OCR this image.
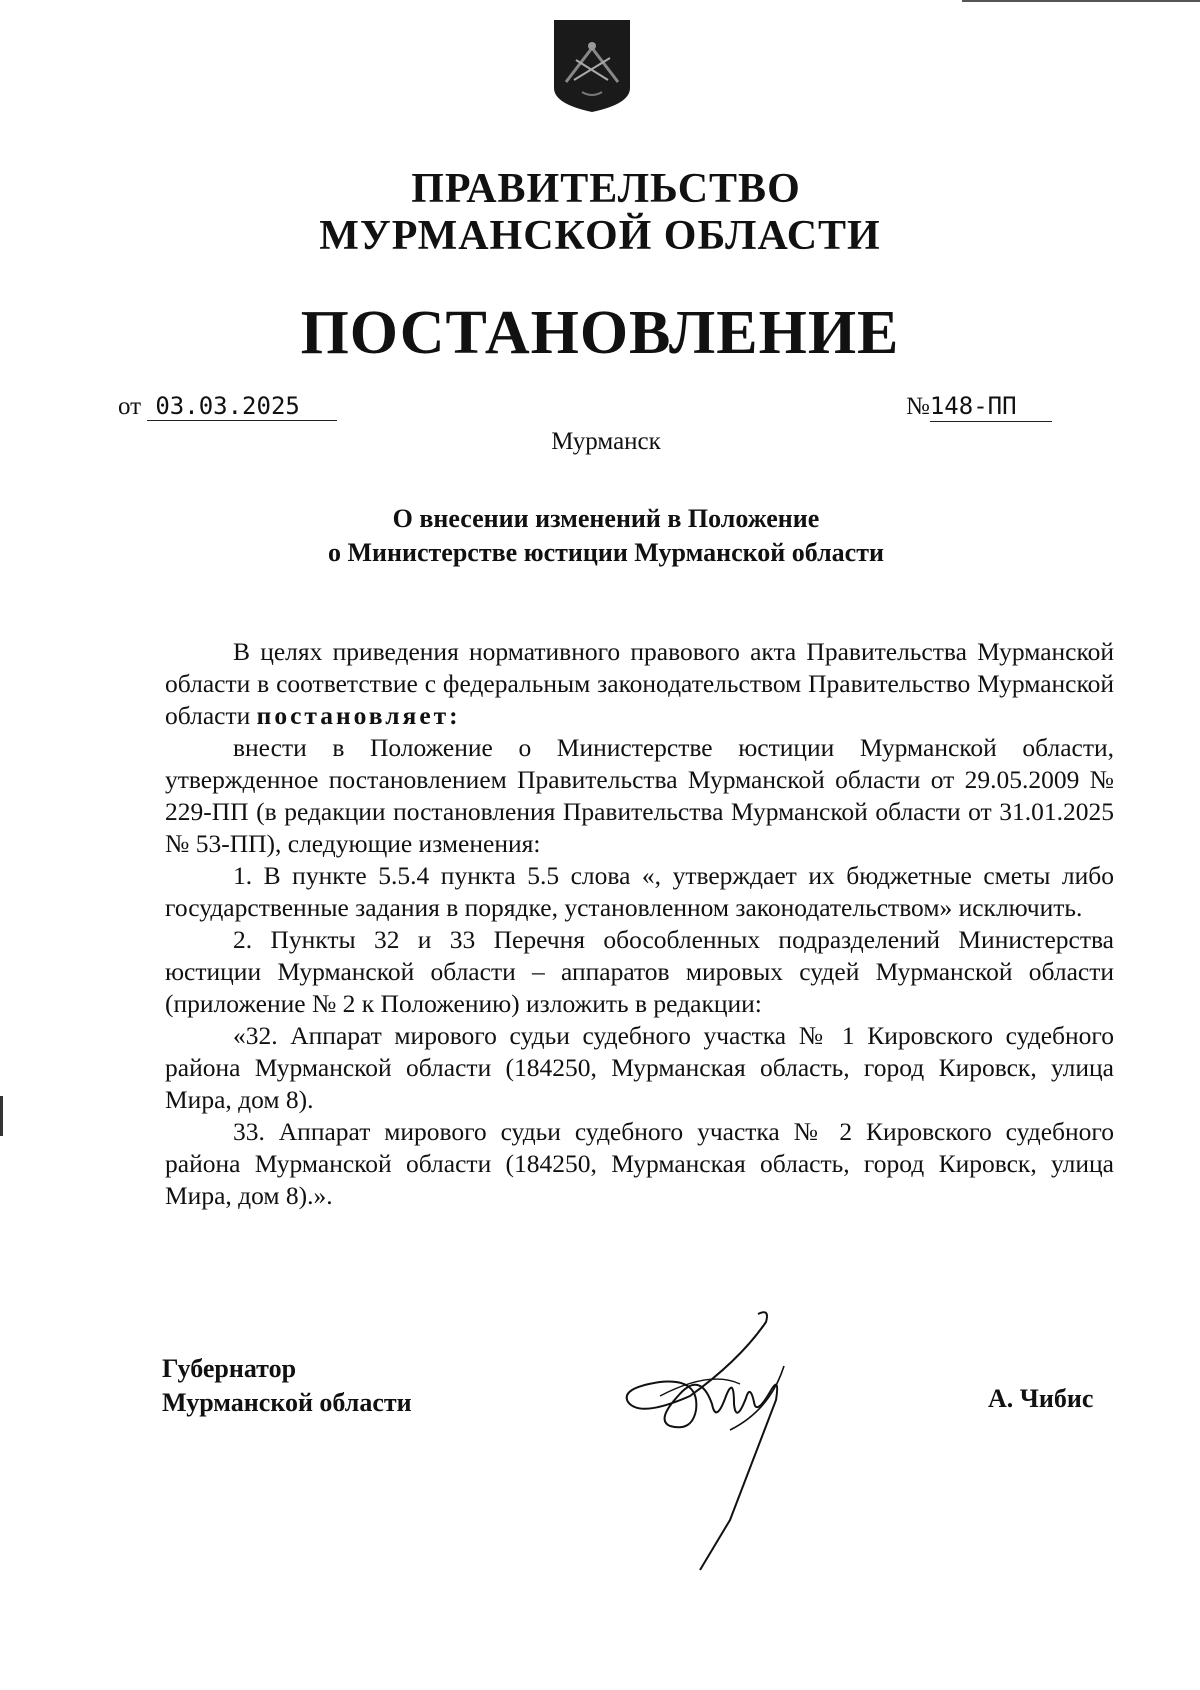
ПРАВИТЕЛЬСТВО
МУРМАНСКОЙ ОБЛАСТИ
ПОСТАНОВЛЕНИЕ
от 03.03.2025	№148-ПП
Мурманск
О внесении изменений в Положение
о Министерстве юстиции Мурманской области

В целях приведения нормативного правового акта Правительства Мурманской области в соответствие с федеральным законодательством Правительство Мурманской области постановляет:

внести в Положение о Министерстве юстиции Мурманской области, утвержденное постановлением Правительства Мурманской области от 29.05.2009 № 229-ПП (в редакции постановления Правительства Мурманской области от 31.01.2025 № 53-ПП), следующие изменения:

1. В пункте 5.5.4 пункта 5.5 слова «, утверждает их бюджетные сметы либо государственные задания в порядке, установленном законодательством» исключить.

2. Пункты 32 и 33 Перечня обособленных подразделений Министерства юстиции Мурманской области – аппаратов мировых судей Мурманской области (приложение № 2 к Положению) изложить в редакции:

«32. Аппарат мирового судьи судебного участка № 1 Кировского судебного района Мурманской области (184250, Мурманская область, город Кировск, улица Мира, дом 8).

33. Аппарат мирового судьи судебного участка № 2 Кировского судебного района Мурманской области (184250, Мурманская область, город Кировск, улица Мира, дом 8).».

Губернатор
Мурманской области	А. Чибис
